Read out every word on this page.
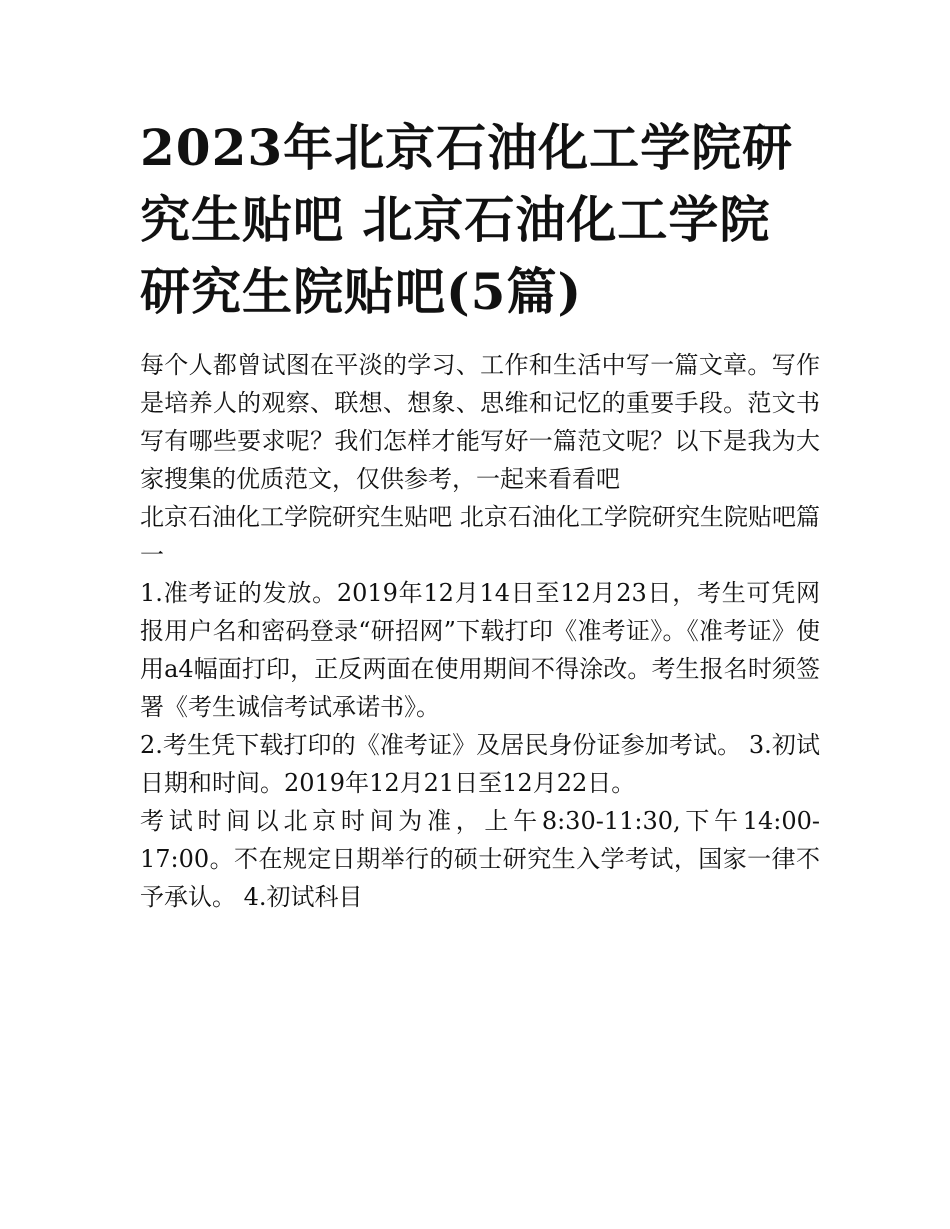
2023年北京石油化工学院研究生贴吧 北京石油化工学院研究生院贴吧(5篇)

每个人都曾试图在平淡的学习、工作和生活中写一篇文章。写作是培养人的观察、联想、想象、思维和记忆的重要手段。范文书写有哪些要求呢？我们怎样才能写好一篇范文呢？以下是我为大家搜集的优质范文，仅供参考，一起来看看吧

北京石油化工学院研究生贴吧 北京石油化工学院研究生院贴吧篇一

1.准考证的发放。2019年12月14日至12月23日，考生可凭网报用户名和密码登录“研招网”下载打印《准考证》。《准考证》使用a4幅面打印，正反两面在使用期间不得涂改。考生报名时须签署《考生诚信考试承诺书》。

2.考生凭下载打印的《准考证》及居民身份证参加考试。 3.初试日期和时间。2019年12月21日至12月22日。

考试时间以北京时间为准，上午8:30-11:30,下午14:00-17:00。不在规定日期举行的硕士研究生入学考试，国家一律不予承认。 4.初试科目
